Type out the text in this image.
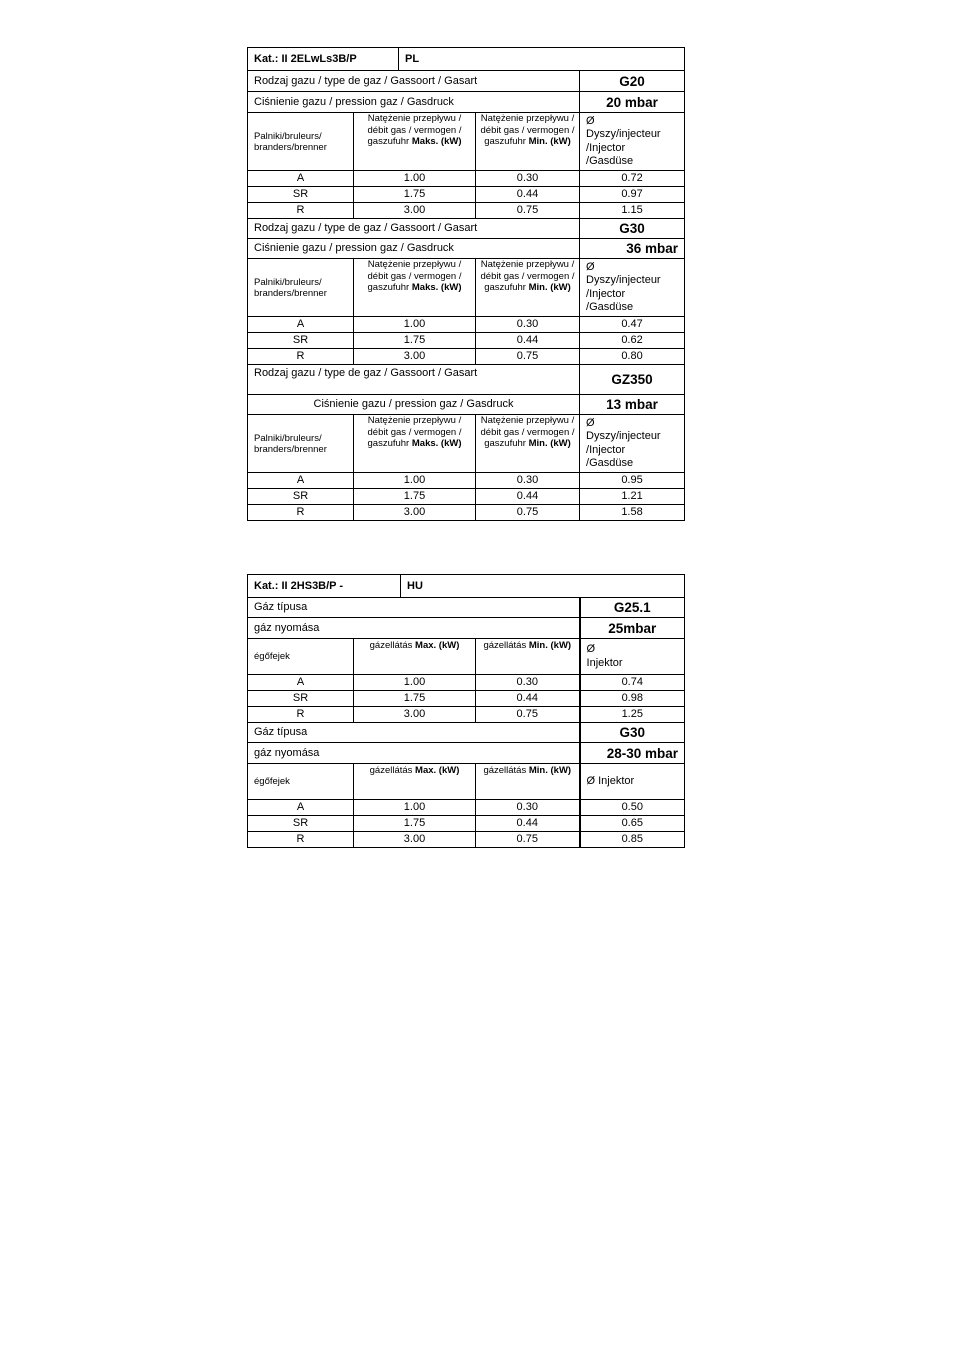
Kat.: II 2ELwLs3B/P		PL		
Rodzaj gazu / type de gaz / Gassoort / Gasart				G20
Ciśnienie gazu / pression gaz / Gasdruck				20 mbar
Palniki/bruleurs/
branders/brenner	Natężenie przepływu / débit gas / vermogen / gaszufuhr Maks. (kW)		Natężenie przepływu / débit gas / vermogen / gaszufuhr Min. (kW)	Ø
Dyszy/injecteur
/Injector
/Gasdüse
A	1.00		0.30	0.72
SR	1.75		0.44	0.97
R	3.00		0.75	1.15
Rodzaj gazu / type de gaz / Gassoort / Gasart				G30
Ciśnienie gazu / pression gaz / Gasdruck				36 mbar
Palniki/bruleurs/
branders/brenner	Natężenie przepływu / débit gas / vermogen / gaszufuhr Maks. (kW)		Natężenie przepływu / débit gas / vermogen / gaszufuhr Min. (kW)	Ø
Dyszy/injecteur
/Injector
/Gasdüse
A	1.00		0.30	0.47
SR	1.75		0.44	0.62
R	3.00		0.75	0.80
Rodzaj gazu / type de gaz / Gassoort / Gasart				GZ350
Ciśnienie gazu / pression gaz / Gasdruck				13 mbar
Palniki/bruleurs/
branders/brenner	Natężenie przepływu / débit gas / vermogen / gaszufuhr Maks. (kW)		Natężenie przepływu / débit gas / vermogen / gaszufuhr Min. (kW)	Ø
Dyszy/injecteur
/Injector
/Gasdüse
A	1.00		0.30	0.95
SR	1.75		0.44	1.21
R	3.00		0.75	1.58
Kat.: II 2HS3B/P -		HU		
Gáz típusa				G25.1
gáz nyomása				25mbar
égőfejek	gázellátás Max. (kW)		gázellátás Min. (kW)	Ø
Injektor
A	1.00		0.30	0.74
SR	1.75		0.44	0.98
R	3.00		0.75	1.25
Gáz típusa				G30
gáz nyomása				28-30 mbar
égőfejek	gázellátás Max. (kW)		gázellátás Min. (kW)	Ø Injektor
A	1.00		0.30	0.50
SR	1.75		0.44	0.65
R	3.00		0.75	0.85
